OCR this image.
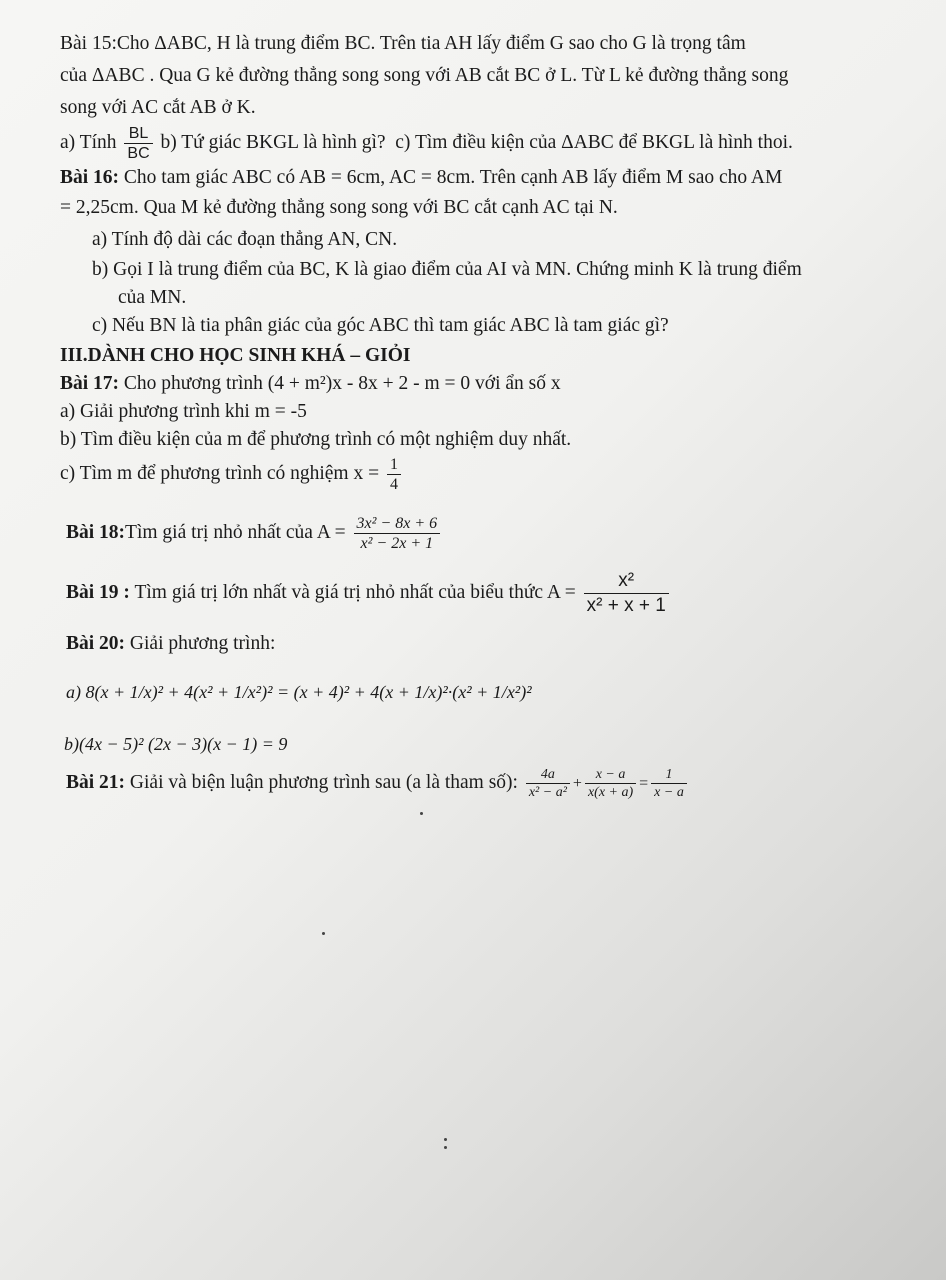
Bài 15:Cho ΔABC, H là trung điểm BC. Trên tia AH lấy điểm G sao cho G là trọng tâm
của ΔABC . Qua G kẻ đường thẳng song song với AB cắt BC ở L. Từ L kẻ đường thẳng song
song với AC cắt AB ở K.
a) Tính $\frac{BL}{BC} b$) Tứ giác BKGL là hình gì? c) Tìm điều kiện của ΔABC để BKGL là hình thoi.
Bài 16: Cho tam giác ABC có AB = 6cm, AC = 8cm. Trên cạnh AB lấy điểm M sao cho AM
= 2,25cm. Qua M kẻ đường thẳng song song với BC cắt cạnh AC tại N.
a) Tính độ dài các đoạn thẳng AN, CN.
b) Gọi I là trung điểm của BC, K là giao điểm của AI và MN. Chứng minh K là trung điểm
của MN.
c) Nếu BN là tia phân giác của góc ABC thì tam giác ABC là tam giác gì?
III.DÀNH CHO HỌC SINH KHÁ – GIỎI
Bài 17: Cho phương trình (4 + m²)x - 8x + 2 - m = 0 với ẩn số x
a) Giải phương trình khi m = -5
b) Tìm điều kiện của m để phương trình có một nghiệm duy nhất.
c) Tìm m để phương trình có nghiệm $x = \frac{1}{4}$
Bài 18:Tìm giá trị nhỏ nhất của $A = \frac{\text{3x² − 8x + 6}}{\text{x² − 2x + 1}}$
Bài 19 : Tìm giá trị lớn nhất và giá trị nhỏ nhất của biểu thức $A = \frac{\text{x²}}{\text{x² + x + 1}}$
Bài 20: Giải phương trình:
a) 8(x + 1/x)² + 4(x² + 1/x²)² = (x + 4)² + 4(x + 1/x)²·(x² + 1/x²)²
b)(4x − 5)² (2x − 3)(x − 1) = 9
Bài 21: Giải và biện luận phương trình sau (a là tham số): $\frac{4a}{\text{x² − a²}} + \frac{x - a}{x(x + a)} = \frac{1}{x - a}$
